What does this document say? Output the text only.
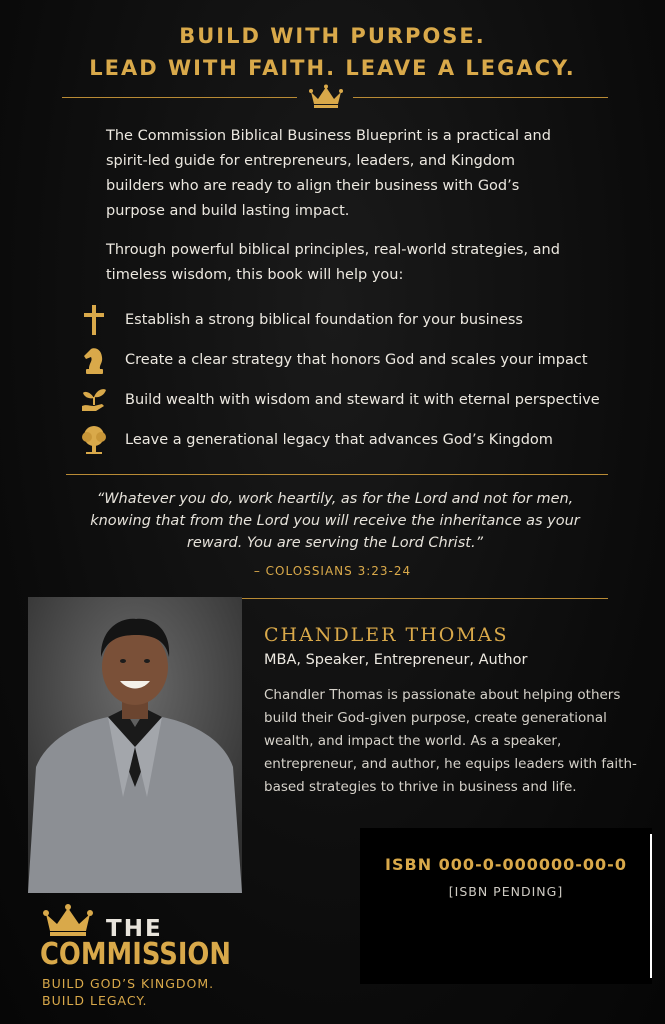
BUILD WITH PURPOSE.
LEAD WITH FAITH. LEAVE A LEGACY.

The Commission Biblical Business Blueprint is a practical and spirit-led guide for entrepreneurs, leaders, and Kingdom builders who are ready to align their business with God’s purpose and build lasting impact.

Through powerful biblical principles, real-world strategies, and timeless wisdom, this book will help you:

Establish a strong biblical foundation for your business
Create a clear strategy that honors God and scales your impact
Build wealth with wisdom and steward it with eternal perspective
Leave a generational legacy that advances God’s Kingdom
“Whatever you do, work heartily, as for the Lord and not for men, knowing that from the Lord you will receive the inheritance as your reward. You are serving the Lord Christ.”
– COLOSSIANS 3:23-24
CHANDLER THOMAS
MBA, Speaker, Entrepreneur, Author
Chandler Thomas is passionate about helping others build their God-given purpose, create generational wealth, and impact the world. As a speaker, entrepreneur, and author, he equips leaders with faith-based strategies to thrive in business and life.
ISBN 000-0-000000-00-0
[ISBN PENDING]
THE
COMMISSION
BUILD GOD’S KINGDOM.
BUILD LEGACY.
